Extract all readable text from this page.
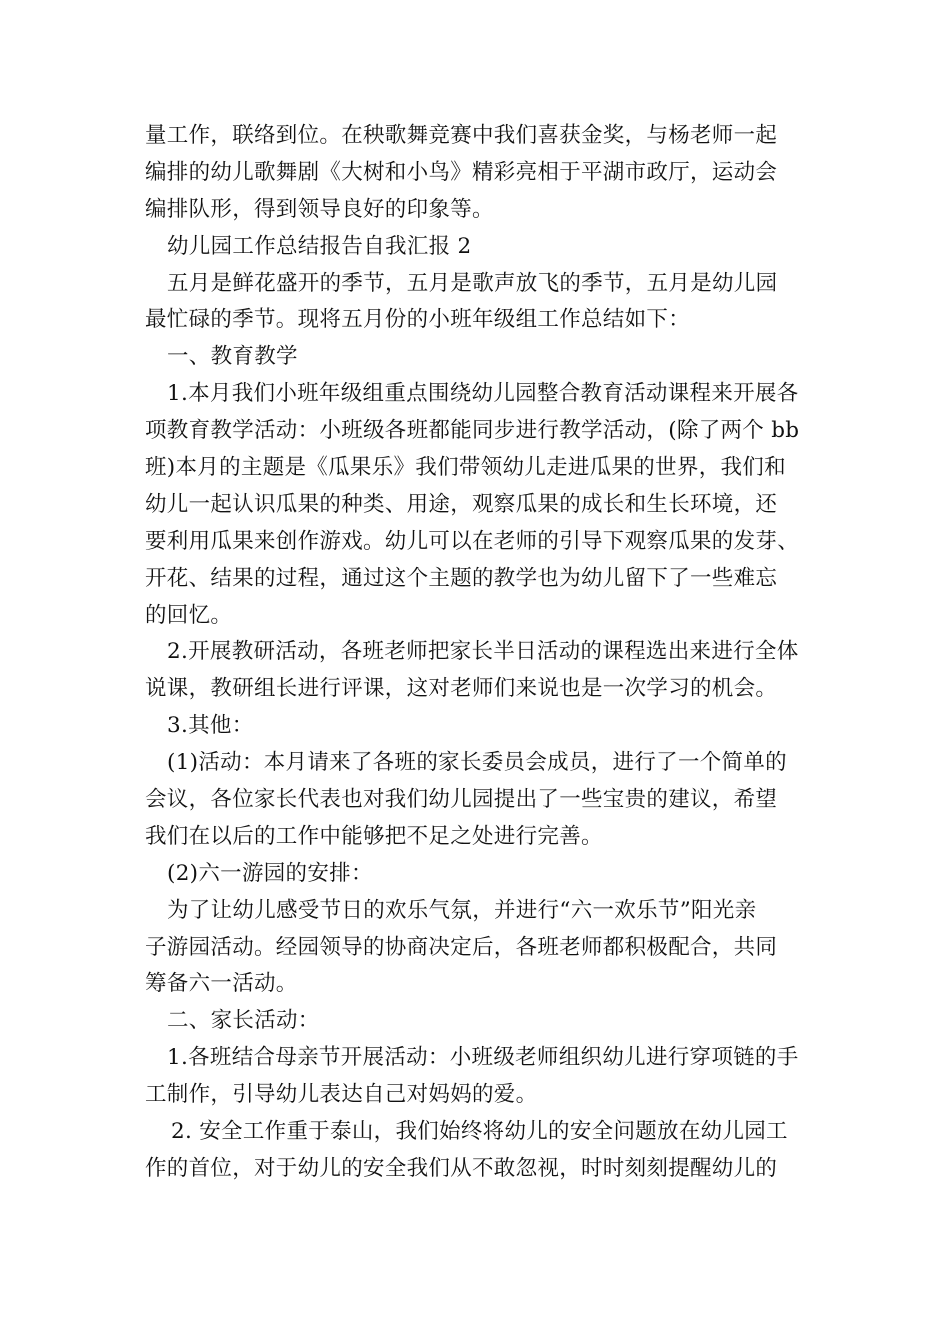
量工作，联络到位。在秧歌舞竞赛中我们喜获金奖，与杨老师一起
编排的幼儿歌舞剧《大树和小鸟》精彩亮相于平湖市政厅，运动会
编排队形，得到领导良好的印象等。
幼儿园工作总结报告自我汇报 2
五月是鲜花盛开的季节，五月是歌声放飞的季节，五月是幼儿园
最忙碌的季节。现将五月份的小班年级组工作总结如下：
一、教育教学
1.本月我们小班年级组重点围绕幼儿园整合教育活动课程来开展各
项教育教学活动：小班级各班都能同步进行教学活动，(除了两个 bb
班)本月的主题是《瓜果乐》我们带领幼儿走进瓜果的世界，我们和
幼儿一起认识瓜果的种类、用途，观察瓜果的成长和生长环境，还
要利用瓜果来创作游戏。幼儿可以在老师的引导下观察瓜果的发芽、
开花、结果的过程，通过这个主题的教学也为幼儿留下了一些难忘
的回忆。
2.开展教研活动，各班老师把家长半日活动的课程选出来进行全体
说课，教研组长进行评课，这对老师们来说也是一次学习的机会。
3.其他：
(1)活动：本月请来了各班的家长委员会成员，进行了一个简单的
会议，各位家长代表也对我们幼儿园提出了一些宝贵的建议，希望
我们在以后的工作中能够把不足之处进行完善。
(2)六一游园的安排：
为了让幼儿感受节日的欢乐气氛，并进行“六一欢乐节”阳光亲
子游园活动。经园领导的协商决定后，各班老师都积极配合，共同
筹备六一活动。
二、家长活动：
1.各班结合母亲节开展活动：小班级老师组织幼儿进行穿项链的手
工制作，引导幼儿表达自己对妈妈的爱。
2. 安全工作重于泰山，我们始终将幼儿的安全问题放在幼儿园工
作的首位，对于幼儿的安全我们从不敢忽视，时时刻刻提醒幼儿的
